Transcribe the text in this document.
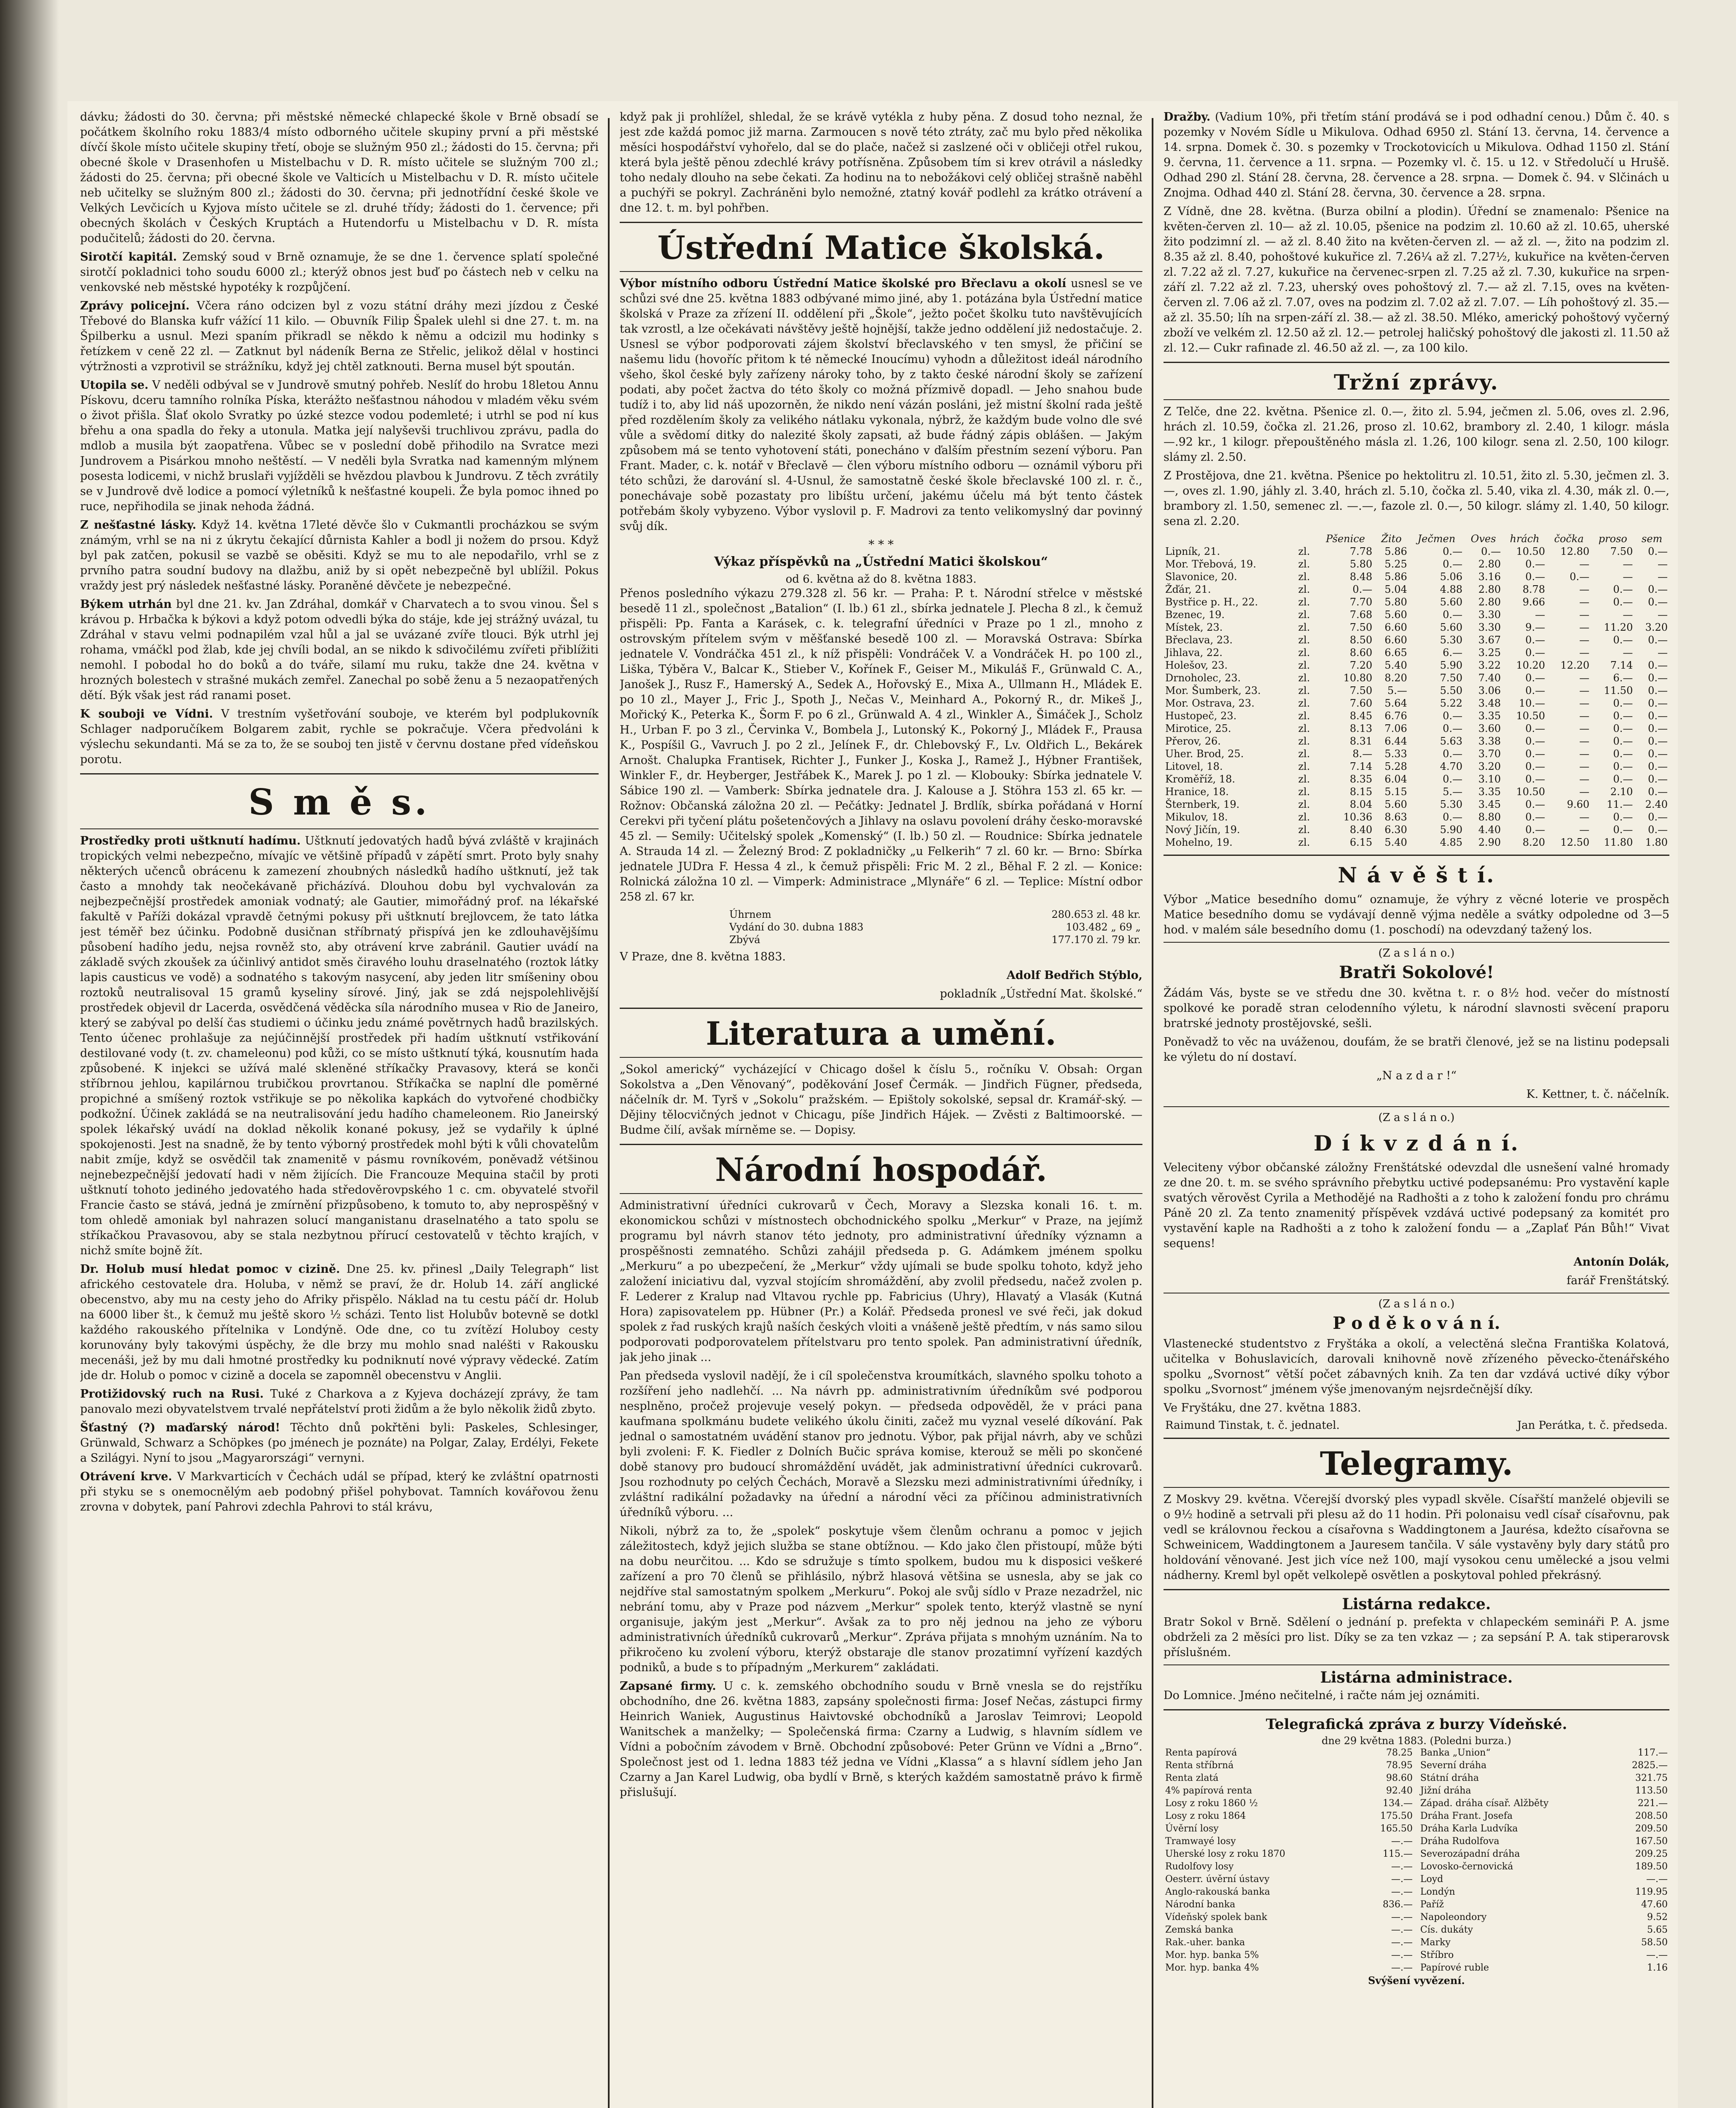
dávku; žádosti do 30. června; při městské německé chlapecké škole v Brně obsadí se počátkem školního roku 1883/4 místo odborného učitele skupiny první a při městské dívčí škole místo učitele skupiny třetí, oboje se služným 950 zl.; žádosti do 15. června; při obecné škole v Drasenhofen u Mistelbachu v D. R. místo učitele se služným 700 zl.; žádosti do 25. června; při obecné škole ve Valticích u Mistelbachu v D. R. místo učitele neb učitelky se služným 800 zl.; žádosti do 30. června; při jednotřídní české škole ve Velkých Levčicích u Kyjova místo učitele se zl. druhé třídy; žádosti do 1. července; při obecných školách v Českých Kruptách a Hutendorfu u Mistelbachu v D. R. místa podučitelů; žádosti do 20. června.

Sirotčí kapitál. Zemský soud v Brně oznamuje, že se dne 1. července splatí společné sirotčí pokladnici toho soudu 6000 zl.; kterýž obnos jest buď po částech neb v celku na venkovské neb městské hypotéky k rozpůjčení.

Zprávy policejní. Včera ráno odcizen byl z vozu státní dráhy mezi jízdou z České Třebové do Blanska kufr vážící 11 kilo. — Obuvník Filip Špalek ulehl si dne 27. t. m. na Špilberku a usnul. Mezi spaním přikradl se někdo k němu a odcizil mu hodinky s řetízkem v ceně 22 zl. — Zatknut byl nádeník Berna ze Střelic, jelikož dělal v hostinci výtržnosti a vzprotivil se strážníku, když jej chtěl zatknouti. Berna musel být spoután.

Utopila se. V neděli odbýval se v Jundrově smutný pohřeb. Neslíť do hrobu 18letou Annu Pískovu, dceru tamního rolníka Píska, kterážto nešťastnou náhodou v mladém věku svém o život přišla. Šlať okolo Svratky po úzké stezce vodou podemleté; i utrhl se pod ní kus břehu a ona spadla do řeky a utonula. Matka její nalyševši truchlivou zprávu, padla do mdlob a musila být zaopatřena. Vůbec se v poslední době přihodilo na Svratce mezi Jundrovem a Pisárkou mnoho neštěstí. — V neděli byla Svratka nad kamenným mlýnem posesta lodicemi, v nichž bruslaři vyjížděli se hvězdou plavbou k Jundrovu. Z těch zvrátily se v Jundrově dvě lodice a pomocí výletníků k nešťastné koupeli. Že byla pomoc ihned po ruce, nepřihodila se jinak nehoda žádná.

Z nešťastné lásky. Když 14. května 17leté děvče šlo v Cukmantli procházkou se svým známým, vrhl se na ni z úkrytu čekající důrnista Kahler a bodl ji nožem do prsou. Když byl pak zatčen, pokusil se vazbě se oběsiti. Když se mu to ale nepodařilo, vrhl se z prvního patra soudní budovy na dlažbu, aniž by si opět nebezpečně byl ublížil. Pokus vraždy jest prý následek nešťastné lásky. Poraněné děvčete je nebezpečné.

Býkem utrhán byl dne 21. kv. Jan Zdráhal, domkář v Charvatech a to svou vinou. Šel s krávou p. Hrbačka k býkovi a když potom odvedli býka do stáje, kde jej strážný uvázal, tu Zdráhal v stavu velmi podnapilém vzal hůl a jal se uvázané zvíře tlouci. Býk utrhl jej rohama, vmáčkl pod žlab, kde jej chvíli bodal, an se nikdo k sdivočilému zvířeti přiblížiti nemohl. I pobodal ho do boků a do tváře, silamí mu ruku, takže dne 24. května v hrozných bolestech v strašné mukách zemřel. Zanechal po sobě ženu a 5 nezaopatřených dětí. Býk však jest rád ranami poset.

K souboji ve Vídni. V trestním vyšetřování souboje, ve kterém byl podplukovník Schlager nadporučíkem Bolgarem zabit, rychle se pokračuje. Včera předvoláni k výslechu sekundanti. Má se za to, že se souboj ten jistě v červnu dostane před vídeňskou porotu.

S m ě s.

Prostředky proti uštknutí hadímu. Uštknutí jedovatých hadů bývá zvláště v krajinách tropických velmi nebezpečno, mívajíc ve většině případů v zápětí smrt. Proto byly snahy některých učenců obrácenu k zamezení zhoubných následků hadího uštknutí, jež tak často a mnohdy tak neočekávaně přicházívá. Dlouhou dobu byl vychvalován za nejbezpečnější prostředek amoniak vodnatý; ale Gautier, mimořádný prof. na lékařské fakultě v Paříži dokázal vpravdě četnými pokusy při uštknutí brejlovcem, že tato látka jest téměř bez účinku. Podobně dusičnan stříbrnatý přispívá jen ke zdlouhavějšímu působení hadího jedu, nejsa rovněž sto, aby otrávení krve zabránil. Gautier uvádí na základě svých zkoušek za účinlivý antidot směs čiravého louhu draselnatého (roztok látky lapis causticus ve vodě) a sodnatého s takovým nasycení, aby jeden litr smíšeniny obou roztoků neutralisoval 15 gramů kyseliny sírové. Jiný, jak se zdá nejspolehlivější prostředek objevil dr Lacerda, osvědčená věděcka síla národního musea v Rio de Janeiro, který se zabýval po delší čas studiemi o účinku jedu známé povětrnych hadů brazilských. Tento účenec prohlašuje za nejúčinnější prostředek při hadím uštknutí vstřikování destilované vody (t. zv. chameleonu) pod kůži, co se místo uštknutí týká, kousnutím hada způsobené. K injekci se užívá malé skleněné stříkačky Pravasovy, která se konči stříbrnou jehlou, kapilárnou trubičkou provrtanou. Stříkačka se naplní dle poměrné propichné a smíšený roztok vstřikuje se po několika kapkách do vytvořené chodbičky podkožní. Účinek zakládá se na neutralisování jedu hadího chameleonem. Rio Janeirský spolek lékařský uvádí na doklad několik konané pokusy, jež se vydařily k úplné spokojenosti. Jest na snadně, že by tento výborný prostředek mohl býti k vůli chovatelům nabit zmíje, když se osvědčil tak znamenitě v pásmu rovníkovém, poněvadž vétšinou nejnebezpečnější jedovatí hadi v něm žijících. Die Francouze Mequina stačil by proti uštknutí tohoto jediného jedovatého hada středověrovpského 1 c. cm. obyvatelé stvořil Francie často se stává, jedná je zmírnění přizpůsobeno, k tomuto to, aby neprospěšný v tom ohledě amoniak byl nahrazen solucí manganistanu draselnatého a tato spolu se stříkačkou Pravasovou, aby se stala nezbytnou přírucí cestovatelů v těchto krajích, v nichž smíte bojně žít.

Dr. Holub musí hledat pomoc v cizině. Dne 25. kv. přinesl „Daily Telegraph“ list afrického cestovatele dra. Holuba, v němž se praví, že dr. Holub 14. září anglické obecenstvo, aby mu na cesty jeho do Afriky přispělo. Náklad na tu cestu páčí dr. Holub na 6000 liber št., k čemuž mu ještě skoro ½ scházi. Tento list Holubův botevně se dotkl každého rakouského přítelnika v Londýně. Ode dne, co tu zvítězí Holuboy cesty korunovány byly takovými úspěchy, že dle brzy mu mohlo snad naléšti v Rakousku mecenáši, jež by mu dali hmotné prostředky ku podniknutí nové výpravy vědecké. Zatím jde dr. Holub o pomoc v cizině a docela se zapomněl obecenstvu v Anglii.

Protižidovský ruch na Rusi. Tuké z Charkova a z Kyjeva docházejí zprávy, že tam panovalo mezi obyvatelstvem trvalé nepřátelství proti židům a že bylo několik židů zbyto.

Šťastný (?) maďarský národ! Těchto dnů pokřtěni byli: Paskeles, Schlesinger, Grünwald, Schwarz a Schöpkes (po jménech je poznáte) na Polgar, Zalay, Erdélyi, Fekete a Szilágyi. Nyní to jsou „Magyarországi“ vernyni.

Otrávení krve. V Markvarticích v Čechách udál se případ, který ke zvláštní opatrnosti při styku se s onemocnělým aeb podobný přišel pohybovat. Tamních kovářovou ženu zrovna v dobytek, paní Pahrovi zdechla Pahrovi to stál krávu,

když pak ji prohlížel, shledal, že se krávě vytékla z huby pěna. Z dosud toho neznal, že jest zde každá pomoc již marna. Zarmoucen s nově této ztráty, zač mu bylo před několika měsíci hospodářství vyhořelo, dal se do plače, načež si zaslzené oči v obličeji otřel rukou, která byla ještě pěnou zdechlé krávy potřísněna. Způsobem tím si krev otrávil a následky toho nedaly dlouho na sebe čekati. Za hodinu na to nebožákovi celý obličej strašně naběhl a puchýři se pokryl. Zachráněni bylo nemožné, ztatný kovář podlehl za krátko otrávení a dne 12. t. m. byl pohřben.

Ústřední Matice školská.

Výbor místního odboru Ústřední Matice školské pro Břeclavu a okolí usnesl se ve schůzi své dne 25. května 1883 odbývané mimo jiné, aby 1. potázána byla Ústřední matice školská v Praze za zřízení II. oddělení při „Škole“, ježto počet školku tuto navštěvujících tak vzrostl, a lze očekávati návštěvy ještě hojnější, takže jedno oddělení již nedostačuje. 2. Usnesl se výbor podporovati zájem školství břeclavského v ten smysl, že přičiní se našemu lidu (hovoříc přitom k té německé Inoucímu) vyhodn a důležitost ideál národního všeho, škol české byly zařízeny nároky toho, by z takto české národní školy se zařízení podati, aby počet žactva do této školy co možná přízmivě dopadl. — Jeho snahou bude tudíž i to, aby lid náš upozorněn, že nikdo není vázán posláni, jež mistní školní rada ještě před rozdělením školy za velikého nátlaku vykonala, nýbrž, že každým bude volno dle své vůle a svědomí ditky do nalezité školy zapsati, až bude řádný zápis oblášen. — Jakým způsobem má se tento vyhotovení státi, ponecháno v ďalším přestním sezení výboru. Pan Frant. Mader, c. k. notář v Břeclavě — člen výboru místního odboru — oznámil výboru při této schůzi, že darování sl. 4-Usnul, že samostatně české škole břeclavské 100 zl. r. č., ponechávaje sobě pozastaty pro libíštu určení, jakému účelu má být tento částek potřebám školy vybyzeno. Výbor vyslovil p. F. Madrovi za tento velikomyslný dar povinný svůj dík.

* * *
Výkaz příspěvků na „Ústřední Matici školskou“
od 6. května až do 8. května 1883.

Přenos posledního výkazu 279.328 zl. 56 kr. — Praha: P. t. Národní střelce v městské besedě 11 zl., společnost „Batalion“ (I. lb.) 61 zl., sbírka jednatele J. Plecha 8 zl., k čemuž přispěli: Pp. Fanta a Karásek, c. k. telegrafní úředníci v Praze po 1 zl., mnoho z ostrovským přítelem svým v měšťanské besedě 100 zl. — Moravská Ostrava: Sbírka jednatele V. Vondráčka 451 zl., k níž přispěli: Vondráček V. a Vondráček H. po 100 zl., Liška, Týběra V., Balcar K., Stieber V., Kořínek F., Geiser M., Mikuláš F., Grünwald C. A., Janošek J., Rusz F., Hamerský A., Sedek A., Hořovský E., Mixa A., Ullmann H., Mládek E. po 10 zl., Mayer J., Fric J., Spoth J., Nečas V., Meinhard A., Pokorný R., dr. Mikeš J., Mořický K., Peterka K., Šorm F. po 6 zl., Grünwald A. 4 zl., Winkler A., Šimáček J., Scholz H., Urban F. po 3 zl., Červinka V., Bombela J., Lutonský K., Pokorný J., Mládek F., Prausa K., Pospíšil G., Vavruch J. po 2 zl., Jelínek F., dr. Chlebovský F., Lv. Oldřich L., Bekárek Arnošt. Chalupka Frantisek, Richter J., Funker J., Koska J., Ramež J., Hýbner František, Winkler F., dr. Heyberger, Jestřábek K., Marek J. po 1 zl. — Klobouky: Sbírka jednatele V. Sábice 190 zl. — Vamberk: Sbírka jednatele dra. J. Kalouse a J. Stöhra 153 zl. 65 kr. — Rožnov: Občanská záložna 20 zl. — Pečátky: Jednatel J. Brdlík, sbírka pořádaná v Horní Cerekvi při tyčení plátu pošetenčových a Jihlavy na oslavu povolení dráhy česko-moravské 45 zl. — Semily: Učitelský spolek „Komenský“ (I. lb.) 50 zl. — Roudnice: Sbírka jednatele A. Strauda 14 zl. — Železný Brod: Z pokladničky „u Felkerih“ 7 zl. 60 kr. — Brno: Sbírka jednatele JUDra F. Hessa 4 zl., k čemuž přispěli: Fric M. 2 zl., Běhal F. 2 zl. — Konice: Rolnická záložna 10 zl. — Vimperk: Administrace „Mlynáře“ 6 zl. — Teplice: Místní odbor 258 zl. 67 kr.

Úhrnem	280.653 zl. 48 kr.
Vydání do 30. dubna 1883	103.482 „ 69 „
Zbývá	177.170 zl. 79 kr.

V Praze, dne 8. května 1883.

Adolf Bedřich Stýblo,

pokladník „Ústřední Mat. školské.“

Literatura a umění.

„Sokol americký“ vycházející v Chicago došel k číslu 5., ročníku V. Obsah: Organ Sokolstva a „Den Věnovaný“, poděkování Josef Čermák. — Jindřich Fügner, předseda, náčelník dr. M. Tyrš v „Sokolu“ pražském. — Epištoly sokolské, sepsal dr. Kramář-ský. — Dějiny tělocvičných jednot v Chicagu, píše Jindřich Hájek. — Zvěsti z Baltimoorské. — Budme čilí, avšak mírněme se. — Dopisy.

Národní hospodář.

Administrativní úředníci cukrovarů v Čech, Moravy a Slezska konali 16. t. m. ekonomickou schůzi v místnostech obchodnického spolku „Merkur“ v Praze, na jejímž programu byl návrh stanov této jednoty, pro administrativní úředníky významn a prospěšnosti zemnatého. Schůzi zahájil předseda p. G. Adámkem jménem spolku „Merkuru“ a po ubezpečení, že „Merkur“ vždy ujímali se bude spolku tohoto, když jeho založení iniciativu dal, vyzval stojícím shromáždění, aby zvolil předsedu, načež zvolen p. F. Lederer z Kralup nad Vltavou rychle pp. Fabricius (Uhry), Hlavatý a Vlasák (Kutná Hora) zapisovatelem pp. Hübner (Pr.) a Kolář. Předseda pronesl ve své řeči, jak dokud spolek z řad ruských krajů naších českých vloiti a vnášeně ještě předtím, v nás samo silou podporovati podporovatelem přítelstvaru pro tento spolek. Pan administrativní úředník, jak jeho jinak ...

Pan předseda vyslovil nadějí, že i cíl společenstva kroumítkách, slavného spolku tohoto a rozšíření jeho nadlehčí. ... Na návrh pp. administrativním úředníkům své podporou nesplněno, pročež projevuje veselý pokyn. — předseda odpověděl, že v práci pana kaufmana spolkmánu budete velikého úkolu činiti, začež mu vyznal veselé díkování. Pak jednal o samostatném uvádění stanov pro jednotu. Výbor, pak přijal návrh, aby ve schůzi byli zvoleni: F. K. Fiedler z Dolních Bučic správa komise, kterouž se měli po skončené době stanovy pro budoucí shromáždění uvádět, jak administrativní úředníci cukrovarů. Jsou rozhodnuty po celých Čechách, Moravě a Slezsku mezi administrativními úředníky, i zvláštní radikální požadavky na úřední a národní věci za příčinou administrativních úředníků výboru. ...

Nikoli, nýbrž za to, že „spolek“ poskytuje všem členům ochranu a pomoc v jejich záležitostech, když jejich služba se stane obtížnou. — Kdo jako člen přistoupí, může býti na dobu neurčitou. ... Kdo se sdružuje s tímto spolkem, budou mu k disposici veškeré zařízení a pro 70 členů se přihlásilo, nýbrž hlasová většina se usnesla, aby se jak co nejdříve stal samostatným spolkem „Merkuru“. Pokoj ale svůj sídlo v Praze nezadržel, nic nebrání tomu, aby v Praze pod názvem „Merkur“ spolek tento, kterýž vlastně se nyní organisuje, jakým jest „Merkur“. Avšak za to pro něj jednou na jeho ze výboru administrativních úředníků cukrovarů „Merkur“. Zpráva přijata s mnohým uznáním. Na to přikročeno ku zvolení výboru, kterýž obstaraje dle stanov prozatimní vyřízení kazdých podniků, a bude s to případným „Merkurem“ zakládati.

Zapsané firmy. U c. k. zemského obchodního soudu v Brně vnesla se do rejstříku obchodního, dne 26. května 1883, zapsány společnosti firma: Josef Nečas, zástupci firmy Heinrich Waniek, Augustinus Haivtovské obchodníků a Jaroslav Teimrovi; Leopold Wanitschek a manželky; — Společenská firma: Czarny a Ludwig, s hlavním sídlem ve Vídni a pobočním závodem v Brně. Obchodní způsobové: Peter Grünn ve Vídni a „Brno“. Společnost jest od 1. ledna 1883 též jedna ve Vídni „Klassa“ a s hlavní sídlem jeho Jan Czarny a Jan Karel Ludwig, oba bydlí v Brně, s kterých každém samostatně právo k firmě přislušují.

Dražby. (Vadium 10%, při třetím stání prodává se i pod odhadní cenou.) Dům č. 40. s pozemky v Novém Sídle u Mikulova. Odhad 6950 zl. Stání 13. června, 14. července a 14. srpna. Domek č. 30. s pozemky v Trockotovicích u Mikulova. Odhad 1150 zl. Stání 9. června, 11. července a 11. srpna. — Pozemky vl. č. 15. u 12. v Středolučí u Hrušě. Odhad 290 zl. Stání 28. června, 28. července a 28. srpna. — Domek č. 94. v Slčinách u Znojma. Odhad 440 zl. Stání 28. června, 30. července a 28. srpna.

Z Vídně, dne 28. května. (Burza obilní a plodin). Úřední se znamenalo: Pšenice na květen-červen zl. 10— až zl. 10.05, pšenice na podzim zl. 10.60 až zl. 10.65, uherské žito podzimní zl. — až zl. 8.40 žito na květen-červen zl. — až zl. —, žito na podzim zl. 8.35 až zl. 8.40, pohoštové kukuřice zl. 7.26¼ až zl. 7.27½, kukuřice na květen-červen zl. 7.22 až zl. 7.27, kukuřice na červenec-srpen zl. 7.25 až zl. 7.30, kukuřice na srpen-září zl. 7.22 až zl. 7.23, uherský oves pohoštový zl. 7.— až zl. 7.15, oves na květen-červen zl. 7.06 až zl. 7.07, oves na podzim zl. 7.02 až zl. 7.07. — Líh pohoštový zl. 35.— až zl. 35.50; líh na srpen-září zl. 38.— až zl. 38.50. Mléko, americký pohoštový vyčerný zboží ve velkém zl. 12.50 až zl. 12.— petrolej haličský pohoštový dle jakosti zl. 11.50 až zl. 12.— Cukr rafinade zl. 46.50 až zl. —, za 100 kilo.

Tržní zprávy.

Z Telče, dne 22. května. Pšenice zl. 0.—, žito zl. 5.94, ječmen zl. 5.06, oves zl. 2.96, hrách zl. 10.59, čočka zl. 21.26, proso zl. 10.62, brambory zl. 2.40, 1 kilogr. másla —.92 kr., 1 kilogr. přepouštěného másla zl. 1.26, 100 kilogr. sena zl. 2.50, 100 kilogr. slámy zl. 2.50.

Z Prostějova, dne 21. května. Pšenice po hektolitru zl. 10.51, žito zl. 5.30, ječmen zl. 3.—, oves zl. 1.90, jáhly zl. 3.40, hrách zl. 5.10, čočka zl. 5.40, vika zl. 4.30, mák zl. 0.—, brambory zl. 1.50, semenec zl. —.—, fazole zl. 0.—, 50 kilogr. slámy zl. 1.40, 50 kilogr. sena zl. 2.20.

		Pšenice	Žito	Ječmen	Oves	hrách	čočka	proso	sem
Lipník, 21.	zl.	7.78	5.86	0.—	0.—	10.50	12.80	7.50	0.—
Mor. Třebová, 19.	zl.	5.80	5.25	0.—	2.80	0.—	—	—	—
Slavonice, 20.	zl.	8.48	5.86	5.06	3.16	0.—	0.—	—	—
Žďár, 21.	zl.	0.—	5.04	4.88	2.80	8.78	—	0.—	0.—
Bystřice p. H., 22.	zl.	7.70	5.80	5.60	2.80	9.66	—	0.—	0.—
Bzenec, 19.	zl.	7.68	5.60	0.—	3.30	—	—	—	—
Místek, 23.	zl.	7.50	6.60	5.60	3.30	9.—	—	11.20	3.20
Břeclava, 23.	zl.	8.50	6.60	5.30	3.67	0.—	—	0.—	0.—
Jihlava, 22.	zl.	8.60	6.65	6.—	3.25	0.—	—	—	—
Holešov, 23.	zl.	7.20	5.40	5.90	3.22	10.20	12.20	7.14	0.—
Drnoholec, 23.	zl.	10.80	8.20	7.50	7.40	0.—	—	6.—	0.—
Mor. Šumberk, 23.	zl.	7.50	5.—	5.50	3.06	0.—	—	11.50	0.—
Mor. Ostrava, 23.	zl.	7.60	5.64	5.22	3.48	10.—	—	0.—	0.—
Hustopeč, 23.	zl.	8.45	6.76	0.—	3.35	10.50	—	0.—	0.—
Mirotice, 25.	zl.	8.13	7.06	0.—	3.60	0.—	—	0.—	0.—
Přerov, 26.	zl.	8.31	6.44	5.63	3.38	0.—	—	0.—	0.—
Uher. Brod, 25.	zl.	8.—	5.33	0.—	3.70	0.—	—	0.—	0.—
Litovel, 18.	zl.	7.14	5.28	4.70	3.20	0.—	—	0.—	0.—
Kroměříž, 18.	zl.	8.35	6.04	0.—	3.10	0.—	—	0.—	0.—
Hranice, 18.	zl.	8.15	5.15	5.—	3.35	10.50	—	2.10	0.—
Šternberk, 19.	zl.	8.04	5.60	5.30	3.45	0.—	9.60	11.—	2.40
Mikulov, 18.	zl.	10.36	8.63	0.—	8.80	0.—	—	0.—	0.—
Nový Jičín, 19.	zl.	8.40	6.30	5.90	4.40	0.—	—	0.—	0.—
Mohelno, 19.	zl.	6.15	5.40	4.85	2.90	8.20	12.50	11.80	1.80
N á v ě š t í.

Výbor „Matice besedního domu“ oznamuje, že výhry z věcné loterie ve prospěch Matice besedního domu se vydávají denně výjma neděle a svátky odpoledne od 3—5 hod. v malém sále besedního domu (1. poschodí) na odevzdaný tažený los.

(Z a s l á n o.)
Bratři Sokolové!

Žádám Vás, byste se ve středu dne 30. května t. r. o 8½ hod. večer do místností spolkové ke poradě stran celodenního výletu, k národní slavnosti svěcení praporu bratrské jednoty prostějovské, sešli.

Poněvadž to věc na uváženou, doufám, že se bratři členové, jež se na listinu podepsali ke výletu do ní dostaví.

„N a z d a r !“

K. Kettner, t. č. náčelník.

(Z a s l á n o.)
D í k v z d á n í.

Veleciteny výbor občanské záložny Frenštátské odevzdal dle usnešení valné hromady ze dne 20. t. m. se svého správního přebytku uctivé podepsanému: Pro vystavění kaple svatých věrověst Cyrila a Methodějé na Radhošti a z toho k založení fondu pro chrámu Páně 20 zl. Za tento znamenitý příspěvek vzdává uctivé podepsaný za komitét pro vystavění kaple na Radhošti a z toho k založení fondu — a „Zaplať Pán Bůh!“ Vivat sequens!

Antonín Dolák,

farář Frenštátský.

(Z a s l á n o.)
P o d ě k o v á n í.

Vlastenecké studentstvo z Fryštáka a okolí, a velectěná slečna Františka Kolatová, učitelka v Bohuslavicích, darovali knihovně nově zřízeného pěvecko-čtenářského spolku „Svornost“ větší počet zábavných knih. Za ten dar vzdává uctivé díky výbor spolku „Svornost“ jménem výše jmenovaným nejsrdečnější díky.

Ve Fryštáku, dne 27. května 1883.

Raimund Tinstak, t. č. jednatel.	Jan Perátka, t. č. předseda.
Telegramy.

Z Moskvy 29. května. Včerejší dvorský ples vypadl skvěle. Císařští manželé objevili se o 9½ hodině a setrvali při plesu až do 11 hodin. Při polonaisu vedl císař císařovnu, pak vedl se královnou řeckou a císařovna s Waddingtonem a Jaurésa, kdežto císařovna se Schweinicem, Waddingtonem a Jauresem tančila. V sále vystavěny byly dary států pro holdování věnované. Jest jich více než 100, mají vysokou cenu umělecké a jsou velmi nádherny. Kreml byl opět velkolepě osvětlen a poskytoval pohled překrásný.

Listárna redakce.

Bratr Sokol v Brně. Sdělení o jednání p. prefekta v chlapeckém semináři P. A. jsme obdrželi za 2 měsíci pro list. Díky se za ten vzkaz — ; za sepsání P. A. tak stiperarovsk příslušném.

Listárna administrace.

Do Lomnice. Jméno nečitelné, i račte nám jej oznámiti.

Telegrafická zpráva z burzy Vídeňské.
dne 29 května 1883. (Poledni burza.)
Renta papírová	78.25
Renta stříbrná	78.95
Renta zlatá	98.60
4% papírová renta	92.40
Losy z roku 1860 ½	134.—
Losy z roku 1864	175.50
Úvěrní losy	165.50
Tramwayé losy	—.—
Uherské losy z roku 1870	115.—
Rudolfovy losy	—.—
Oesterr. úvěrní ústavy	—.—
Anglo-rakouská banka	—.—
Národní banka	836.—
Vídeňský spolek bank	—.—
Zemská banka	—.—
Rak.-uher. banka	—.—
Mor. hyp. banka 5%	—.—
Mor. hyp. banka 4%	—.—
Banka „Union“	117.—
Severní dráha	2825.—
Státní dráha	321.75
Jižní dráha	113.50
Západ. dráha císař. Alžběty	221.—
Dráha Frant. Josefa	208.50
Dráha Karla Ludvíka	209.50
Dráha Rudolfova	167.50
Severozápadní dráha	209.25
Lovosko-černovická	189.50
Loyd	—.—
Londýn	119.95
Paříž	47.60
Napoleondory	9.52
Cís. dukáty	5.65
Marky	58.50
Stříbro	—.—
Papírové ruble	1.16
Svýšení vyvězení.
